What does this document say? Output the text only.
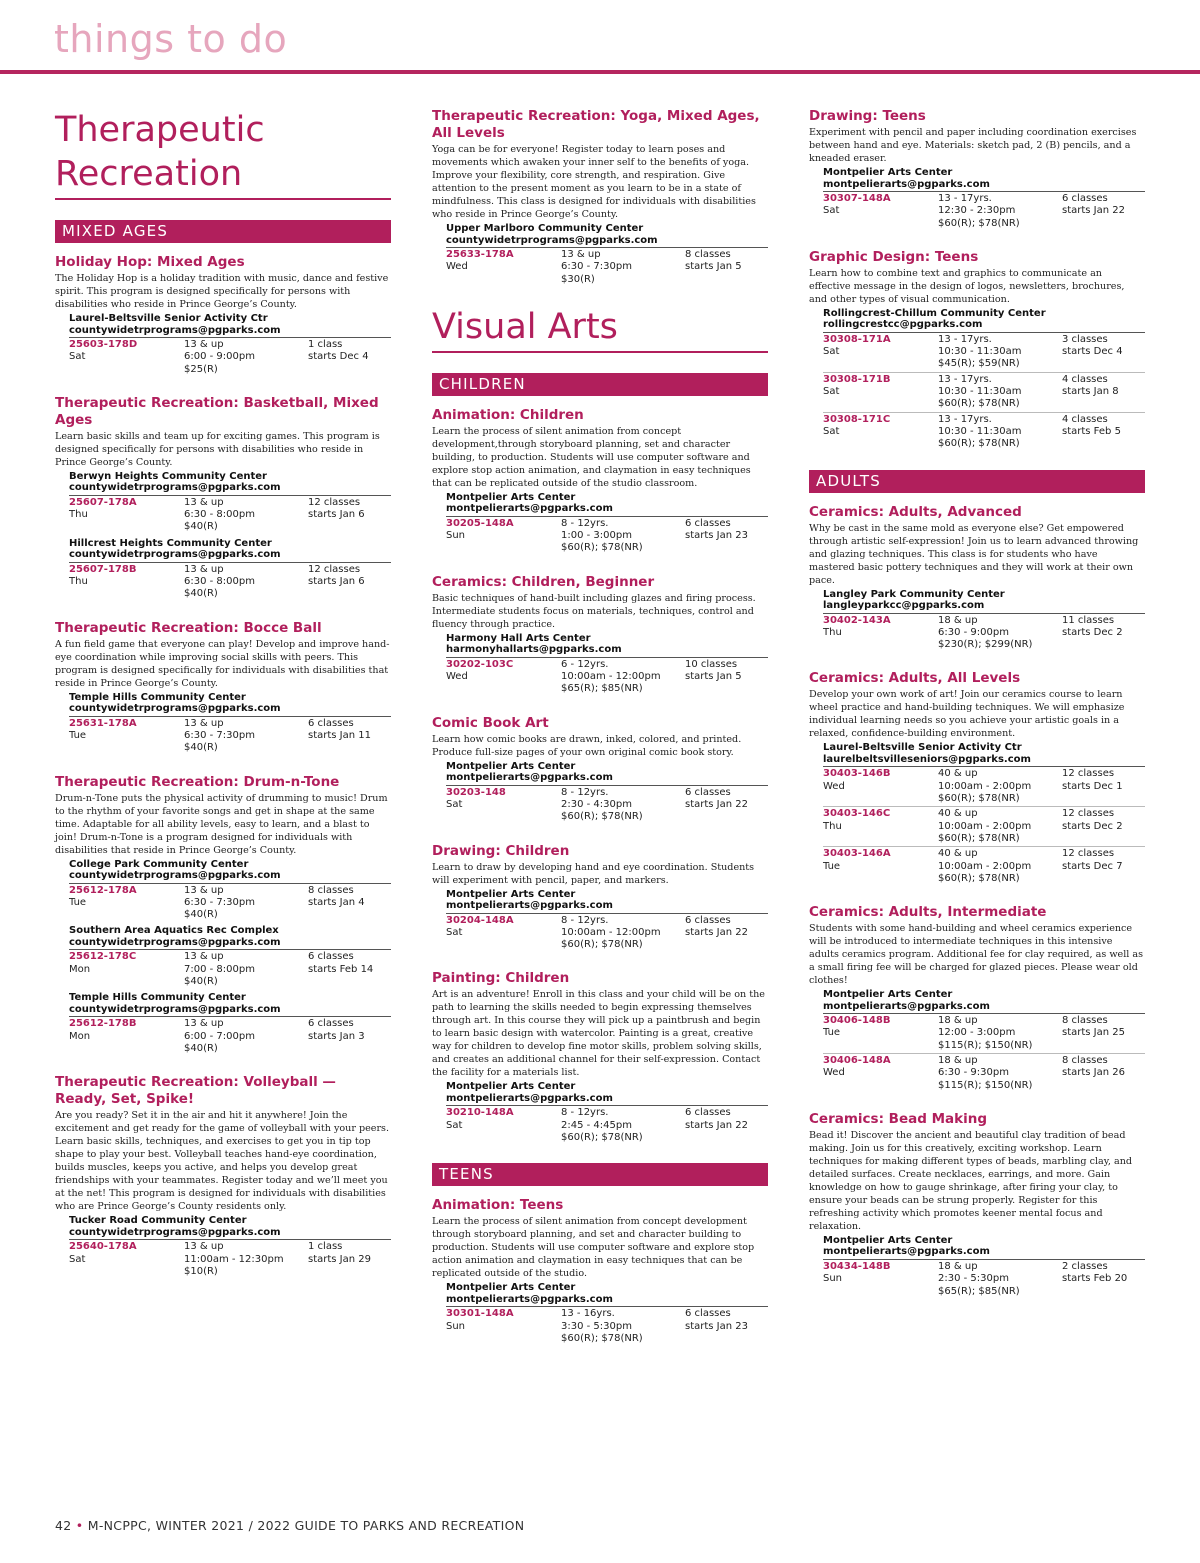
things to do
Therapeutic Recreation
MIXED AGES
Holiday Hop: Mixed Ages
The Holiday Hop is a holiday tradition with music, dance and festive spirit. This program is designed specifically for persons with disabilities who reside in Prince George’s County.
Laurel-Beltsville Senior Activity Ctr
countywidetrprograms@pgparks.com
25603-178D
Sat
13 & up
6:00 - 9:00pm
$25(R)
1 class
starts Dec 4
Therapeutic Recreation: Basketball, Mixed Ages
Learn basic skills and team up for exciting games. This program is designed specifically for persons with disabilities who reside in Prince George’s County.
Berwyn Heights Community Center
countywidetrprograms@pgparks.com
25607-178A
Thu
13 & up
6:30 - 8:00pm
$40(R)
12 classes
starts Jan 6
Hillcrest Heights Community Center
countywidetrprograms@pgparks.com
25607-178B
Thu
13 & up
6:30 - 8:00pm
$40(R)
12 classes
starts Jan 6
Therapeutic Recreation: Bocce Ball
A fun field game that everyone can play! Develop and improve hand-eye coordination while improving social skills with peers. This program is designed specifically for individuals with disabilities that reside in Prince George’s County.
Temple Hills Community Center
countywidetrprograms@pgparks.com
25631-178A
Tue
13 & up
6:30 - 7:30pm
$40(R)
6 classes
starts Jan 11
Therapeutic Recreation: Drum-n-Tone
Drum-n-Tone puts the physical activity of drumming to music! Drum to the rhythm of your favorite songs and get in shape at the same time. Adaptable for all ability levels, easy to learn, and a blast to join! Drum-n-Tone is a program designed for individuals with disabilities that reside in Prince George’s County.
College Park Community Center
countywidetrprograms@pgparks.com
25612-178A
Tue
13 & up
6:30 - 7:30pm
$40(R)
8 classes
starts Jan 4
Southern Area Aquatics Rec Complex
countywidetrprograms@pgparks.com
25612-178C
Mon
13 & up
7:00 - 8:00pm
$40(R)
6 classes
starts Feb 14
Temple Hills Community Center
countywidetrprograms@pgparks.com
25612-178B
Mon
13 & up
6:00 - 7:00pm
$40(R)
6 classes
starts Jan 3
Therapeutic Recreation: Volleyball — Ready, Set, Spike!
Are you ready? Set it in the air and hit it anywhere! Join the excitement and get ready for the game of volleyball with your peers. Learn basic skills, techniques, and exercises to get you in tip top shape to play your best. Volleyball teaches hand-eye coordination, builds muscles, keeps you active, and helps you develop great friendships with your teammates. Register today and we’ll meet you at the net! This program is designed for individuals with disabilities who are Prince George’s County residents only.
Tucker Road Community Center
countywidetrprograms@pgparks.com
25640-178A
Sat
13 & up
11:00am - 12:30pm
$10(R)
1 class
starts Jan 29
Therapeutic Recreation: Yoga, Mixed Ages, All Levels
Yoga can be for everyone! Register today to learn poses and movements which awaken your inner self to the benefits of yoga. Improve your flexibility, core strength, and respiration. Give attention to the present moment as you learn to be in a state of mindfulness. This class is designed for individuals with disabilities who reside in Prince George’s County.
Upper Marlboro Community Center
countywidetrprograms@pgparks.com
25633-178A
Wed
13 & up
6:30 - 7:30pm
$30(R)
8 classes
starts Jan 5
Visual Arts
CHILDREN
Animation: Children
Learn the process of silent animation from concept development,through storyboard planning, set and character building, to production. Students will use computer software and explore stop action animation, and claymation in easy techniques that can be replicated outside of the studio classroom.
Montpelier Arts Center
montpelierarts@pgparks.com
30205-148A
Sun
8 - 12yrs.
1:00 - 3:00pm
$60(R); $78(NR)
6 classes
starts Jan 23
Ceramics: Children, Beginner
Basic techniques of hand-built including glazes and firing process. Intermediate students focus on materials, techniques, control and fluency through practice.
Harmony Hall Arts Center
harmonyhallarts@pgparks.com
30202-103C
Wed
6 - 12yrs.
10:00am - 12:00pm
$65(R); $85(NR)
10 classes
starts Jan 5
Comic Book Art
Learn how comic books are drawn, inked, colored, and printed. Produce full-size pages of your own original comic book story.
Montpelier Arts Center
montpelierarts@pgparks.com
30203-148
Sat
8 - 12yrs.
2:30 - 4:30pm
$60(R); $78(NR)
6 classes
starts Jan 22
Drawing: Children
Learn to draw by developing hand and eye coordination. Students will experiment with pencil, paper, and markers.
Montpelier Arts Center
montpelierarts@pgparks.com
30204-148A
Sat
8 - 12yrs.
10:00am - 12:00pm
$60(R); $78(NR)
6 classes
starts Jan 22
Painting: Children
Art is an adventure! Enroll in this class and your child will be on the path to learning the skills needed to begin expressing themselves through art. In this course they will pick up a paintbrush and begin to learn basic design with watercolor. Painting is a great, creative way for children to develop fine motor skills, problem solving skills, and creates an additional channel for their self-expression. Contact the facility for a materials list.
Montpelier Arts Center
montpelierarts@pgparks.com
30210-148A
Sat
8 - 12yrs.
2:45 - 4:45pm
$60(R); $78(NR)
6 classes
starts Jan 22
TEENS
Animation: Teens
Learn the process of silent animation from concept development through storyboard planning, and set and character building to production. Students will use computer software and explore stop action animation and claymation in easy techniques that can be replicated outside of the studio.
Montpelier Arts Center
montpelierarts@pgparks.com
30301-148A
Sun
13 - 16yrs.
3:30 - 5:30pm
$60(R); $78(NR)
6 classes
starts Jan 23
Drawing: Teens
Experiment with pencil and paper including coordination exercises between hand and eye. Materials: sketch pad, 2 (B) pencils, and a kneaded eraser.
Montpelier Arts Center
montpelierarts@pgparks.com
30307-148A
Sat
13 - 17yrs.
12:30 - 2:30pm
$60(R); $78(NR)
6 classes
starts Jan 22
Graphic Design: Teens
Learn how to combine text and graphics to communicate an effective message in the design of logos, newsletters, brochures, and other types of visual communication.
Rollingcrest-Chillum Community Center
rollingcrestcc@pgparks.com
30308-171A
Sat
13 - 17yrs.
10:30 - 11:30am
$45(R); $59(NR)
3 classes
starts Dec 4
30308-171B
Sat
13 - 17yrs.
10:30 - 11:30am
$60(R); $78(NR)
4 classes
starts Jan 8
30308-171C
Sat
13 - 17yrs.
10:30 - 11:30am
$60(R); $78(NR)
4 classes
starts Feb 5
ADULTS
Ceramics: Adults, Advanced
Why be cast in the same mold as everyone else? Get empowered through artistic self-expression! Join us to learn advanced throwing and glazing techniques. This class is for students who have mastered basic pottery techniques and they will work at their own pace.
Langley Park Community Center
langleyparkcc@pgparks.com
30402-143A
Thu
18 & up
6:30 - 9:00pm
$230(R); $299(NR)
11 classes
starts Dec 2
Ceramics: Adults, All Levels
Develop your own work of art! Join our ceramics course to learn wheel practice and hand-building techniques. We will emphasize individual learning needs so you achieve your artistic goals in a relaxed, confidence-building environment.
Laurel-Beltsville Senior Activity Ctr
laurelbeltsvilleseniors@pgparks.com
30403-146B
Wed
40 & up
10:00am - 2:00pm
$60(R); $78(NR)
12 classes
starts Dec 1
30403-146C
Thu
40 & up
10:00am - 2:00pm
$60(R); $78(NR)
12 classes
starts Dec 2
30403-146A
Tue
40 & up
10:00am - 2:00pm
$60(R); $78(NR)
12 classes
starts Dec 7
Ceramics: Adults, Intermediate
Students with some hand-building and wheel ceramics experience will be introduced to intermediate techniques in this intensive adults ceramics program. Additional fee for clay required, as well as a small firing fee will be charged for glazed pieces. Please wear old clothes!
Montpelier Arts Center
montpelierarts@pgparks.com
30406-148B
Tue
18 & up
12:00 - 3:00pm
$115(R); $150(NR)
8 classes
starts Jan 25
30406-148A
Wed
18 & up
6:30 - 9:30pm
$115(R); $150(NR)
8 classes
starts Jan 26
Ceramics: Bead Making
Bead it! Discover the ancient and beautiful clay tradition of bead making. Join us for this creatively, exciting workshop. Learn techniques for making different types of beads, marbling clay, and detailed surfaces. Create necklaces, earrings, and more. Gain knowledge on how to gauge shrinkage, after firing your clay, to ensure your beads can be strung properly. Register for this refreshing activity which promotes keener mental focus and relaxation.
Montpelier Arts Center
montpelierarts@pgparks.com
30434-148B
Sun
18 & up
2:30 - 5:30pm
$65(R); $85(NR)
2 classes
starts Feb 20
42 • M-NCPPC, WINTER 2021 / 2022 GUIDE TO PARKS AND RECREATION
